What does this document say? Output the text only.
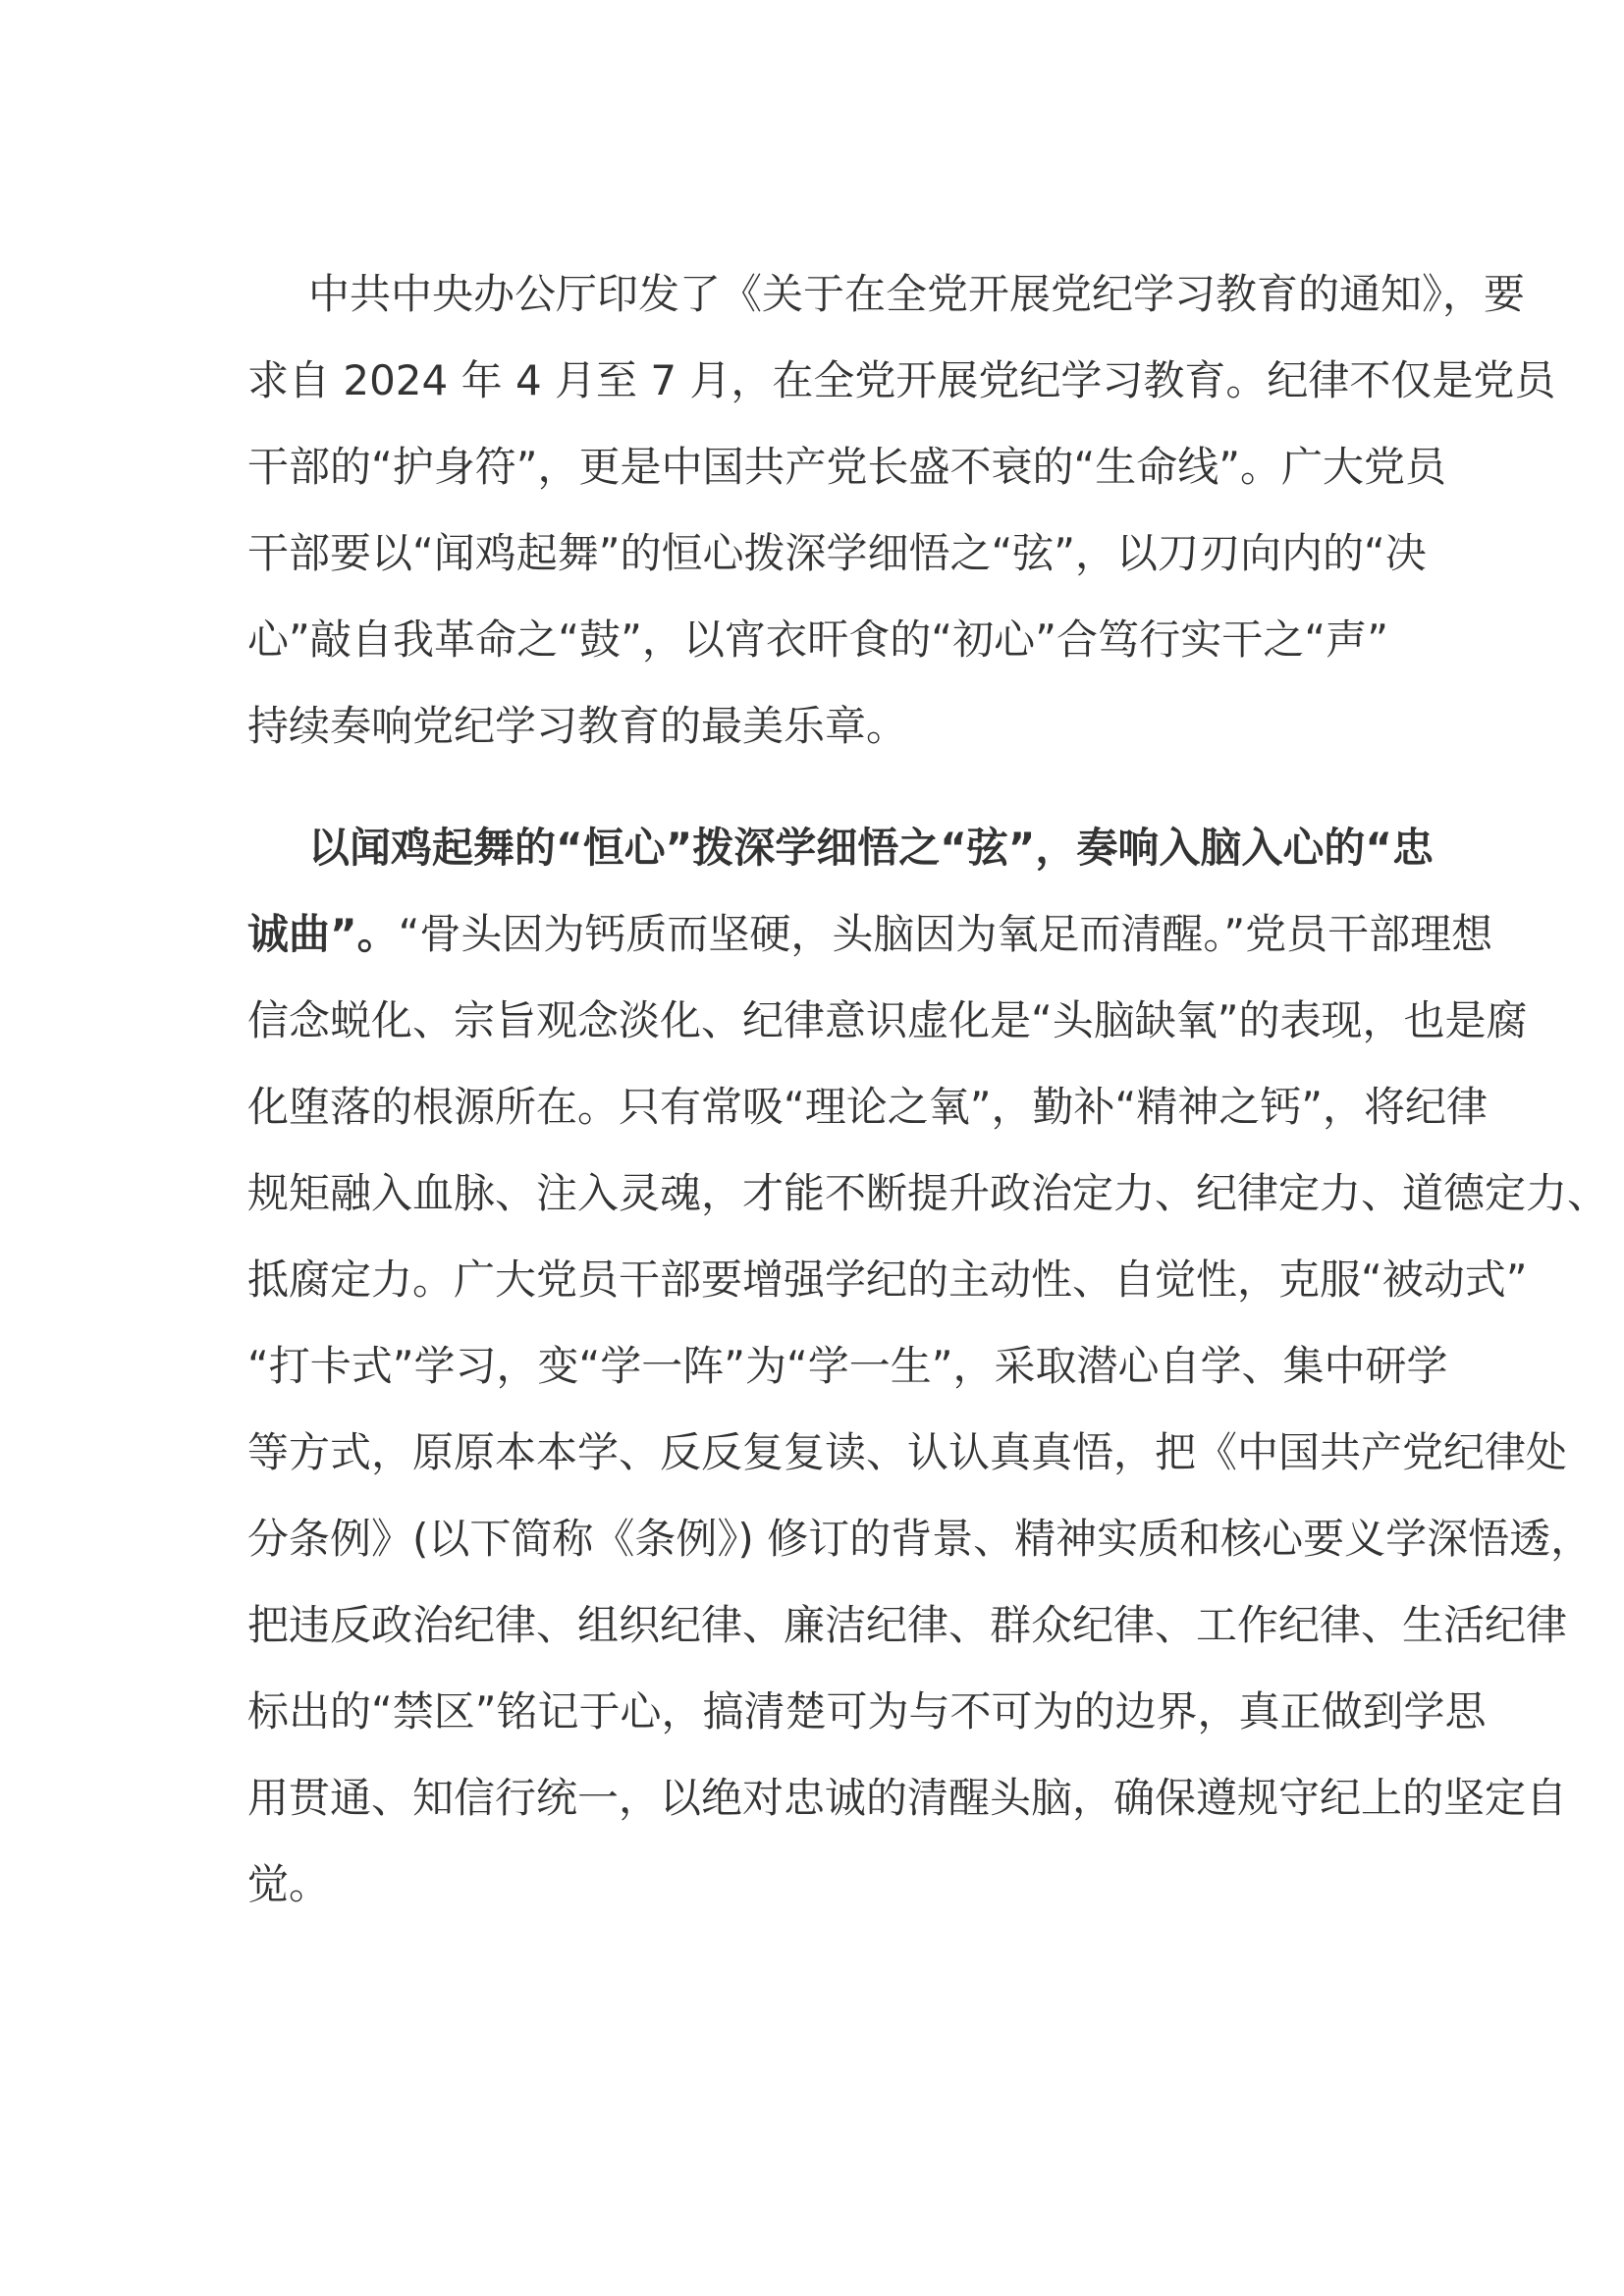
中共中央办公厅印发了《关于在全党开展党纪学习教育的通知》，要
求自 2024 年 4 月至 7 月，在全党开展党纪学习教育。纪律不仅是党员
干部的“护身符”，更是中国共产党长盛不衰的“生命线”。广大党员
干部要以“闻鸡起舞”的恒心拨深学细悟之“弦”，以刀刃向内的“决
心”敲自我革命之“鼓”，以宵衣旰食的“初心”合笃行实干之“声”
持续奏响党纪学习教育的最美乐章。
以闻鸡起舞的“恒心”拨深学细悟之“弦”，奏响入脑入心的“忠
诚曲”。“骨头因为钙质而坚硬，头脑因为氧足而清醒。”党员干部理想
信念蜕化、宗旨观念淡化、纪律意识虚化是“头脑缺氧”的表现，也是腐
化堕落的根源所在。只有常吸“理论之氧”，勤补“精神之钙”，将纪律
规矩融入血脉、注入灵魂，才能不断提升政治定力、纪律定力、道德定力、
抵腐定力。广大党员干部要增强学纪的主动性、自觉性，克服“被动式”
“打卡式”学习，变“学一阵”为“学一生”，采取潜心自学、集中研学
等方式，原原本本学、反反复复读、认认真真悟，把《中国共产党纪律处
分条例》(以下简称《条例》) 修订的背景、精神实质和核心要义学深悟透，
把违反政治纪律、组织纪律、廉洁纪律、群众纪律、工作纪律、生活纪律
标出的“禁区”铭记于心，搞清楚可为与不可为的边界，真正做到学思
用贯通、知信行统一，以绝对忠诚的清醒头脑，确保遵规守纪上的坚定自
觉。
